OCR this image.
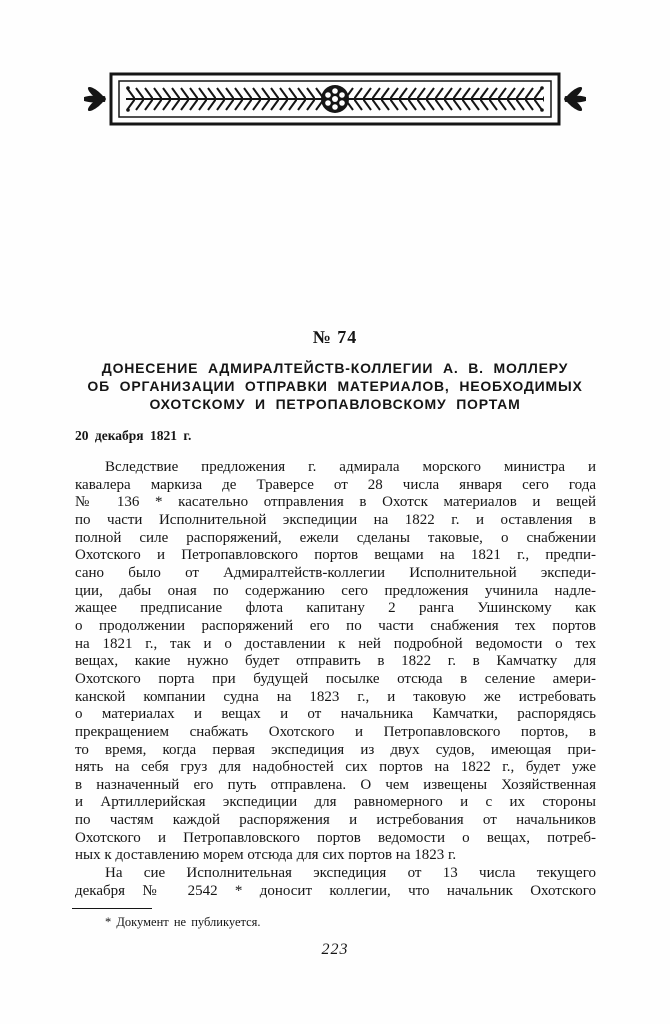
№ 74
ДОНЕСЕНИЕ АДМИРАЛТЕЙСТВ-КОЛЛЕГИИ А. В. МОЛЛЕРУ
ОБ ОРГАНИЗАЦИИ ОТПРАВКИ МАТЕРИАЛОВ, НЕОБХОДИМЫХ
ОХОТСКОМУ И ПЕТРОПАВЛОВСКОМУ ПОРТАМ
20 декабря 1821 г.
Вследствие предложения г. адмирала морского министра и
кавалера маркиза де Траверсе от 28 числа января сего года
№ 136 * касательно отправления в Охотск материалов и вещей
по части Исполнительной экспедиции на 1822 г. и оставления в
полной силе распоряжений, ежели сделаны таковые, о снабжении
Охотского и Петропавловского портов вещами на 1821 г., предпи-
сано было от Адмиралтейств-коллегии Исполнительной экспеди-
ции, дабы оная по содержанию сего предложения учинила надле-
жащее предписание флота капитану 2 ранга Ушинскому как
о продолжении распоряжений его по части снабжения тех портов
на 1821 г., так и о доставлении к ней подробной ведомости о тех
вещах, какие нужно будет отправить в 1822 г. в Камчатку для
Охотского порта при будущей посылке отсюда в селение амери-
канской компании судна на 1823 г., и таковую же истребовать
о материалах и вещах и от начальника Камчатки, распорядясь
прекращением снабжать Охотского и Петропавловского портов, в
то время, когда первая экспедиция из двух судов, имеющая при-
нять на себя груз для надобностей сих портов на 1822 г., будет уже
в назначенный его путь отправлена. О чем извещены Хозяйственная
и Артиллерийская экспедиции для равномерного и с их стороны
по частям каждой распоряжения и истребования от начальников
Охотского и Петропавловского портов ведомости о вещах, потреб-
ных к доставлению морем отсюда для сих портов на 1823 г.
На сие Исполнительная экспедиция от 13 числа текущего
декабря № 2542 * доносит коллегии, что начальник Охотского
* Документ не публикуется.
223
